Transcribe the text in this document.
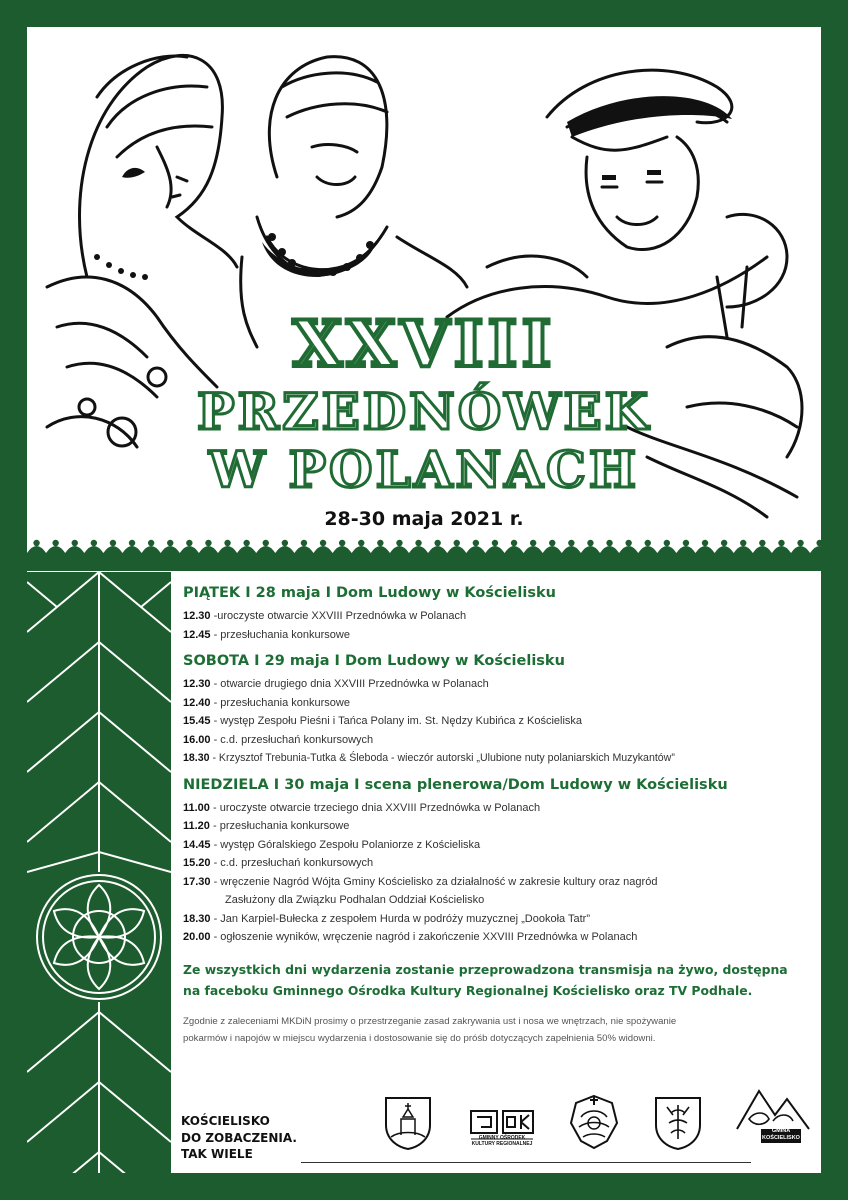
XXVIII
PRZEDNÓWEK
W POLANACH
28-30 maja 2021 r.
PIĄTEK I 28 maja I Dom Ludowy w Kościelisku
12.30 -uroczyste otwarcie XXVIII Przednówka w Polanach
12.45 - przesłuchania konkursowe
SOBOTA I 29 maja I Dom Ludowy w Kościelisku
12.30 - otwarcie drugiego dnia XXVIII Przednówka w Polanach
12.40 - przesłuchania konkursowe
15.45 - występ Zespołu Pieśni i Tańca Polany im. St. Nędzy Kubińca z Kościeliska
16.00 - c.d. przesłuchań konkursowych
18.30 - Krzysztof Trebunia-Tutka & Śleboda - wieczór autorski „Ulubione nuty polaniarskich Muzykantów”
NIEDZIELA I 30 maja I scena plenerowa/Dom Ludowy w Kościelisku
11.00 - uroczyste otwarcie trzeciego dnia XXVIII Przednówka w Polanach
11.20 - przesłuchania konkursowe
14.45 - występ Góralskiego Zespołu Polaniorze z Kościeliska
15.20 - c.d. przesłuchań konkursowych
17.30 - wręczenie Nagród Wójta Gminy Kościelisko za działalność w zakresie kultury oraz nagród
Zasłużony dla Związku Podhalan Oddział Kościelisko
18.30 - Jan Karpiel-Bułecka z zespołem Hurda w podróży muzycznej „Dookoła Tatr”
20.00 - ogłoszenie wyników, wręczenie nagród i zakończenie XXVIII Przednówka w Polanach
Ze wszystkich dni wydarzenia zostanie przeprowadzona transmisja na żywo, dostępna
na faceboku Gminnego Ośrodka Kultury Regionalnej Kościelisko oraz TV Podhale.
Zgodnie z zaleceniami MKDiN prosimy o przestrzeganie zasad zakrywania ust i nosa we wnętrzach, nie spożywanie
pokarmów i napojów w miejscu wydarzenia i dostosowanie się do próśb dotyczących zapełnienia 50% widowni.
KOŚCIELISKO
DO ZOBACZENIA.
TAK WIELE
GMINNY OŚRODEK KULTURY REGIONALNEJ
GMINA
KOŚCIELISKO
